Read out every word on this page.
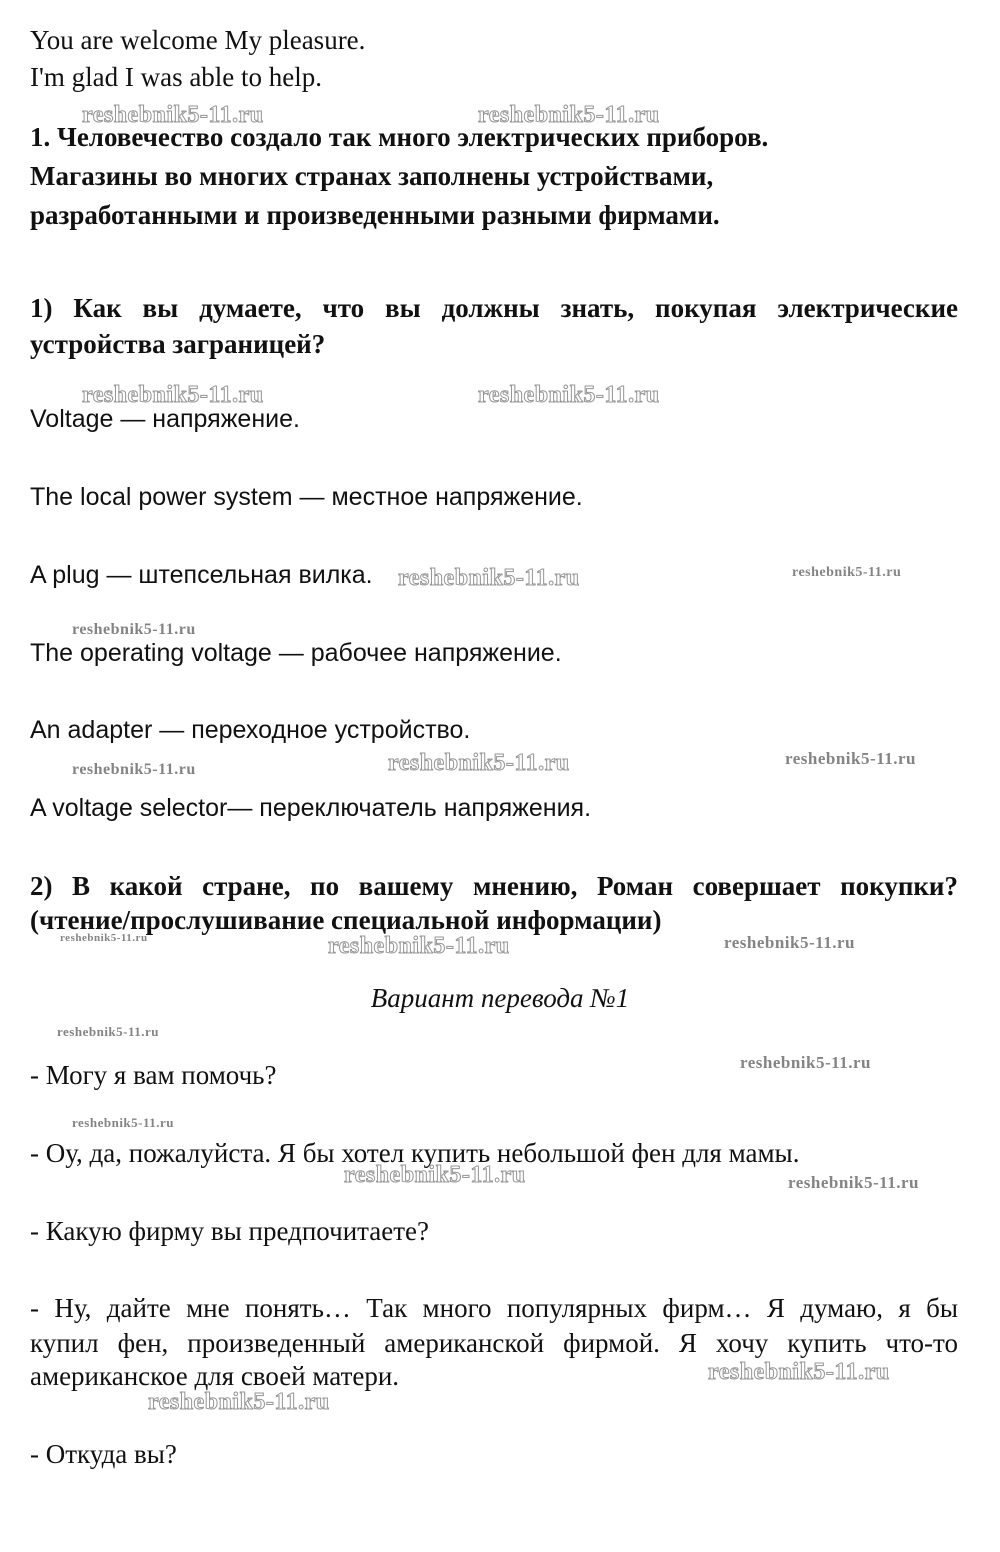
You are welcome My pleasure.

I'm glad I was able to help.

1. Человечество создало так много электрических приборов.

Магазины во многих странах заполнены устройствами,

разработанными и произведенными разными фирмами.

1) Как вы думаете, что вы должны знать, покупая электрические

устройства заграницей?

Voltage — напряжение.

The local power system — местное напряжение.

A plug — штепсельная вилка.

The operating voltage — рабочее напряжение.

An adapter — переходное устройство.

A voltage selector— переключатель напряжения.

2) В какой стране, по вашему мнению, Роман совершает покупки?

(чтение/прослушивание специальной информации)

Вариант перевода №1

- Могу я вам помочь?

- Оу, да, пожалуйста. Я бы хотел купить небольшой фен для мамы.

- Какую фирму вы предпочитаете?

- Ну, дайте мне понять… Так много популярных фирм… Я думаю, я бы

купил фен, произведенный американской фирмой. Я хочу купить что-то

американское для своей матери.

- Откуда вы?

reshebnik5-11.ru	reshebnik5-11.ru
reshebnik5-11.ru	reshebnik5-11.ru
reshebnik5-11.ru	reshebnik5-11.ru
reshebnik5-11.ru
reshebnik5-11.ru	reshebnik5-11.ru	reshebnik5-11.ru
reshebnik5-11.ru	reshebnik5-11.ru	reshebnik5-11.ru
reshebnik5-11.ru
reshebnik5-11.ru
reshebnik5-11.ru
reshebnik5-11.ru	reshebnik5-11.ru
reshebnik5-11.ru
reshebnik5-11.ru
